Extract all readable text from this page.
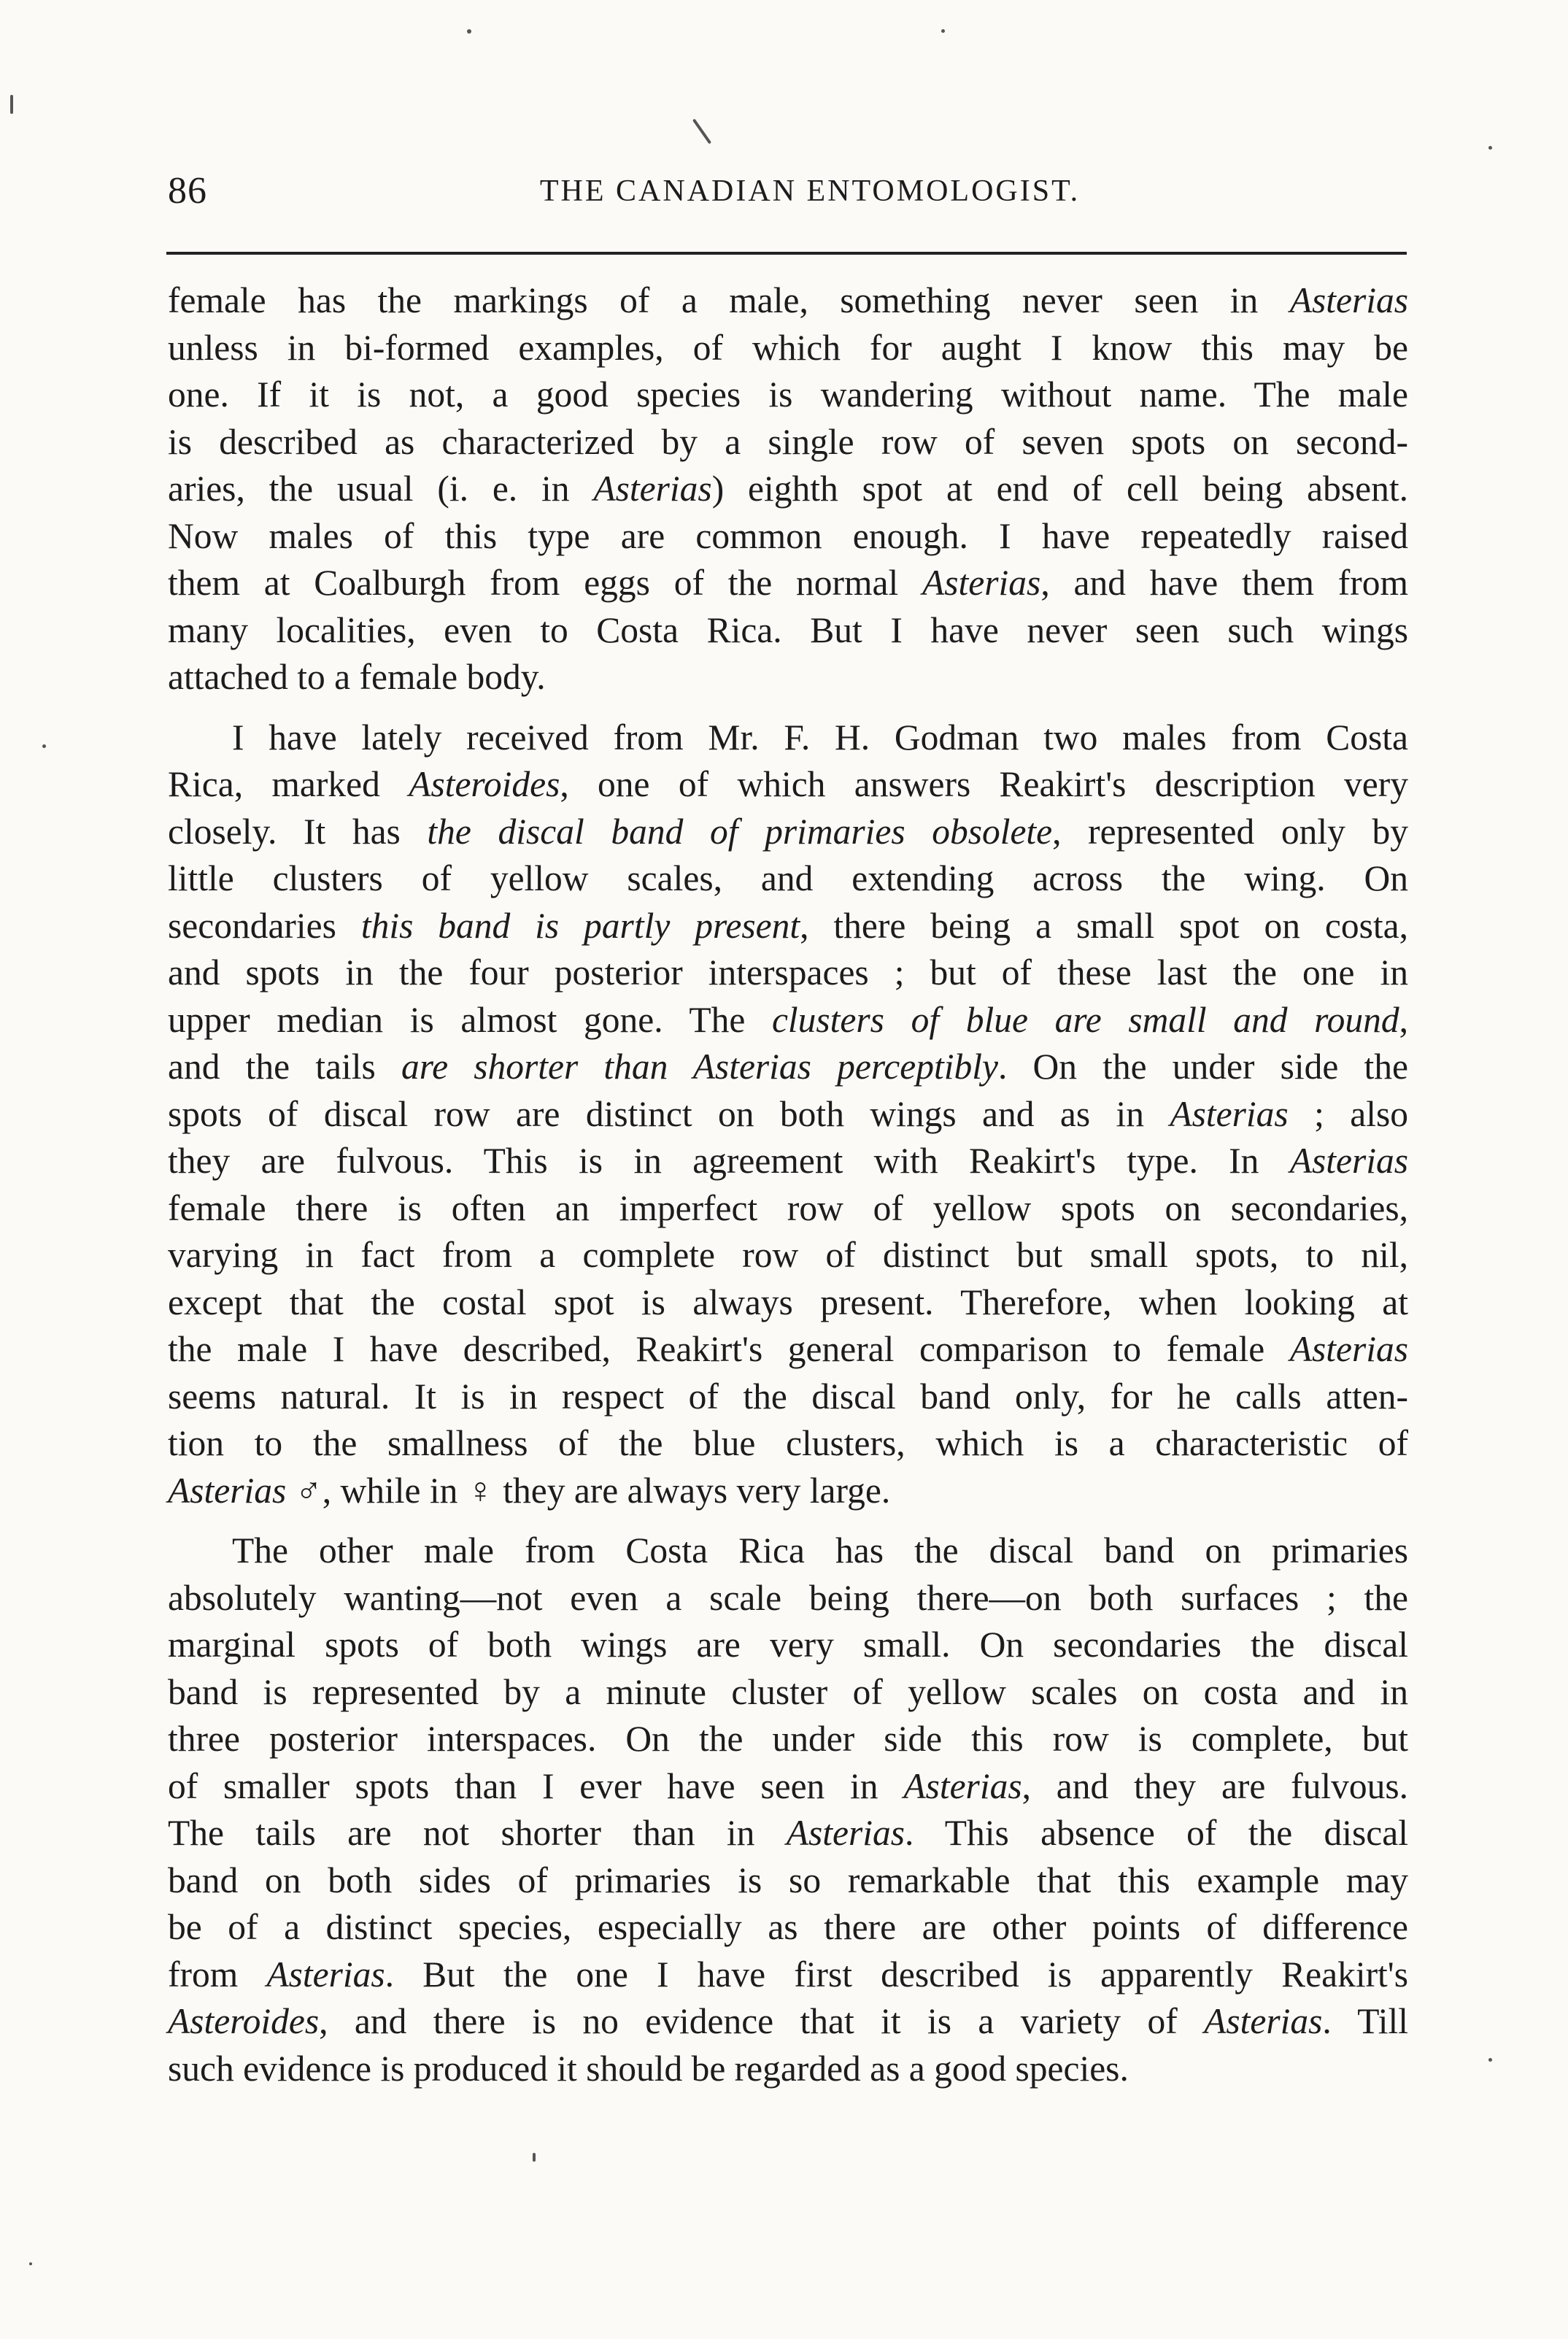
86	THE CANADIAN ENTOMOLOGIST.

female has the markings of a male, something never seen in Asterias
unless in bi-formed examples, of which for aught I know this may be
one. If it is not, a good species is wandering without name. The male
is described as characterized by a single row of seven spots on second-
aries, the usual (i. e. in Asterias) eighth spot at end of cell being absent.
Now males of this type are common enough. I have repeatedly raised
them at Coalburgh from eggs of the normal Asterias, and have them from
many localities, even to Costa Rica. But I have never seen such wings
attached to a female body.

I have lately received from Mr. F. H. Godman two males from Costa
Rica, marked Asteroides, one of which answers Reakirt's description very
closely. It has the discal band of primaries obsolete, represented only by
little clusters of yellow scales, and extending across the wing. On
secondaries this band is partly present, there being a small spot on costa,
and spots in the four posterior interspaces ; but of these last the one in
upper median is almost gone. The clusters of blue are small and round,
and the tails are shorter than Asterias perceptibly. On the under side the
spots of discal row are distinct on both wings and as in Asterias ; also
they are fulvous. This is in agreement with Reakirt's type. In Asterias
female there is often an imperfect row of yellow spots on secondaries,
varying in fact from a complete row of distinct but small spots, to nil,
except that the costal spot is always present. Therefore, when looking at
the male I have described, Reakirt's general comparison to female Asterias
seems natural. It is in respect of the discal band only, for he calls atten-
tion to the smallness of the blue clusters, which is a characteristic of
Asterias ♂, while in ♀ they are always very large.

The other male from Costa Rica has the discal band on primaries
absolutely wanting—not even a scale being there—on both surfaces ; the
marginal spots of both wings are very small. On secondaries the discal
band is represented by a minute cluster of yellow scales on costa and in
three posterior interspaces. On the under side this row is complete, but
of smaller spots than I ever have seen in Asterias, and they are fulvous.
The tails are not shorter than in Asterias. This absence of the discal
band on both sides of primaries is so remarkable that this example may
be of a distinct species, especially as there are other points of difference
from Asterias. But the one I have first described is apparently Reakirt's
Asteroides, and there is no evidence that it is a variety of Asterias. Till
such evidence is produced it should be regarded as a good species.
